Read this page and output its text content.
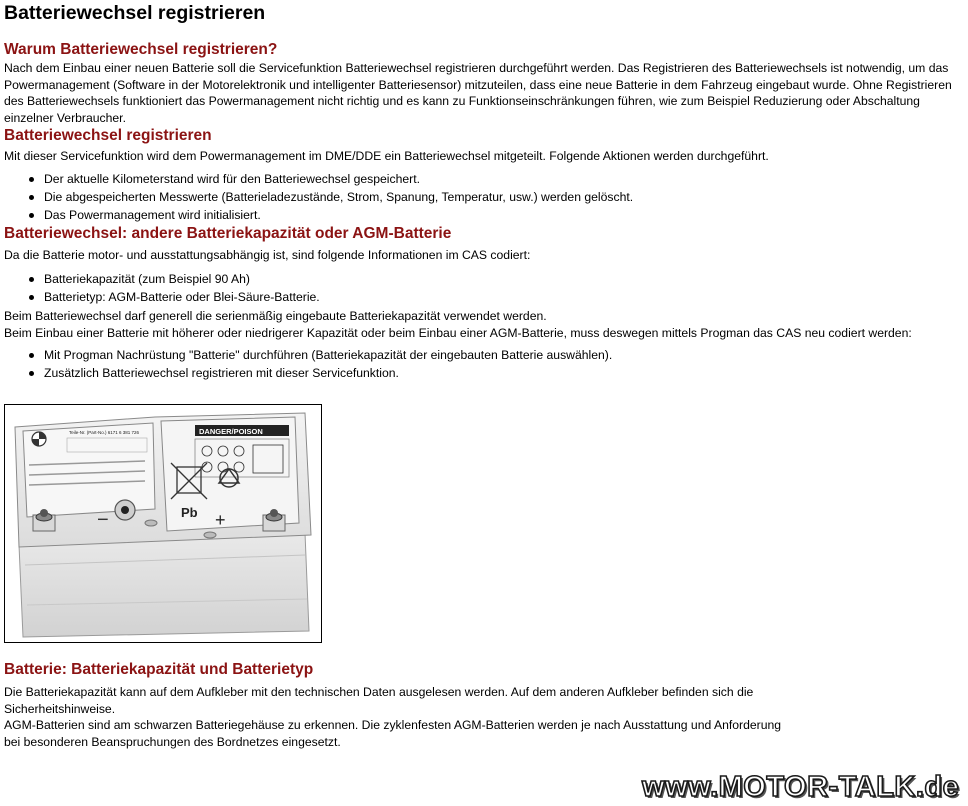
Batteriewechsel registrieren
Warum Batteriewechsel registrieren?

Nach dem Einbau einer neuen Batterie soll die Servicefunktion Batteriewechsel registrieren durchgeführt werden. Das Registrieren des Batteriewechsels ist notwendig, um das Powermanagement (Software in der Motorelektronik und intelligenter Batteriesensor) mitzuteilen, dass eine neue Batterie in dem Fahrzeug eingebaut wurde. Ohne Registrieren des Batteriewechsels funktioniert das Powermanagement nicht richtig und es kann zu Funktionseinschränkungen führen, wie zum Beispiel Reduzierung oder Abschaltung einzelner Verbraucher.

Batteriewechsel registrieren

Mit dieser Servicefunktion wird dem Powermanagement im DME/DDE ein Batteriewechsel mitgeteilt. Folgende Aktionen werden durchgeführt.

Der aktuelle Kilometerstand wird für den Batteriewechsel gespeichert.
Die abgespeicherten Messwerte (Batterieladezustände, Strom, Spanung, Temperatur, usw.) werden gelöscht.
Das Powermanagement wird initialisiert.
Batteriewechsel: andere Batteriekapazität oder AGM-Batterie

Da die Batterie motor- und ausstattungsabhängig ist, sind folgende Informationen im CAS codiert:

Batteriekapazität (zum Beispiel 90 Ah)
Batterietyp: AGM-Batterie oder Blei-Säure-Batterie.

Beim Batteriewechsel darf generell die serienmäßig eingebaute Batteriekapazität verwendet werden.

Beim Einbau einer Batterie mit höherer oder niedrigerer Kapazität oder beim Einbau einer AGM-Batterie, muss deswegen mittels Progman das CAS neu codiert werden:

Mit Progman Nachrüstung "Batterie" durchführen (Batteriekapazität der eingebauten Batterie auswählen).
Zusätzlich Batteriewechsel registrieren mit dieser Servicefunktion.
Teile-Nr. (Part-No.) 6171 6 381 726
−
DANGER/POISON
Pb +
Batterie: Batteriekapazität und Batterietyp

Die Batteriekapazität kann auf dem Aufkleber mit den technischen Daten ausgelesen werden. Auf dem anderen Aufkleber befinden sich die Sicherheitshinweise.

AGM-Batterien sind am schwarzen Batteriegehäuse zu erkennen. Die zyklenfesten AGM-Batterien werden je nach Ausstattung und Anforderung

bei besonderen Beanspruchungen des Bordnetzes eingesetzt.

www.MOTOR-TALK.de
